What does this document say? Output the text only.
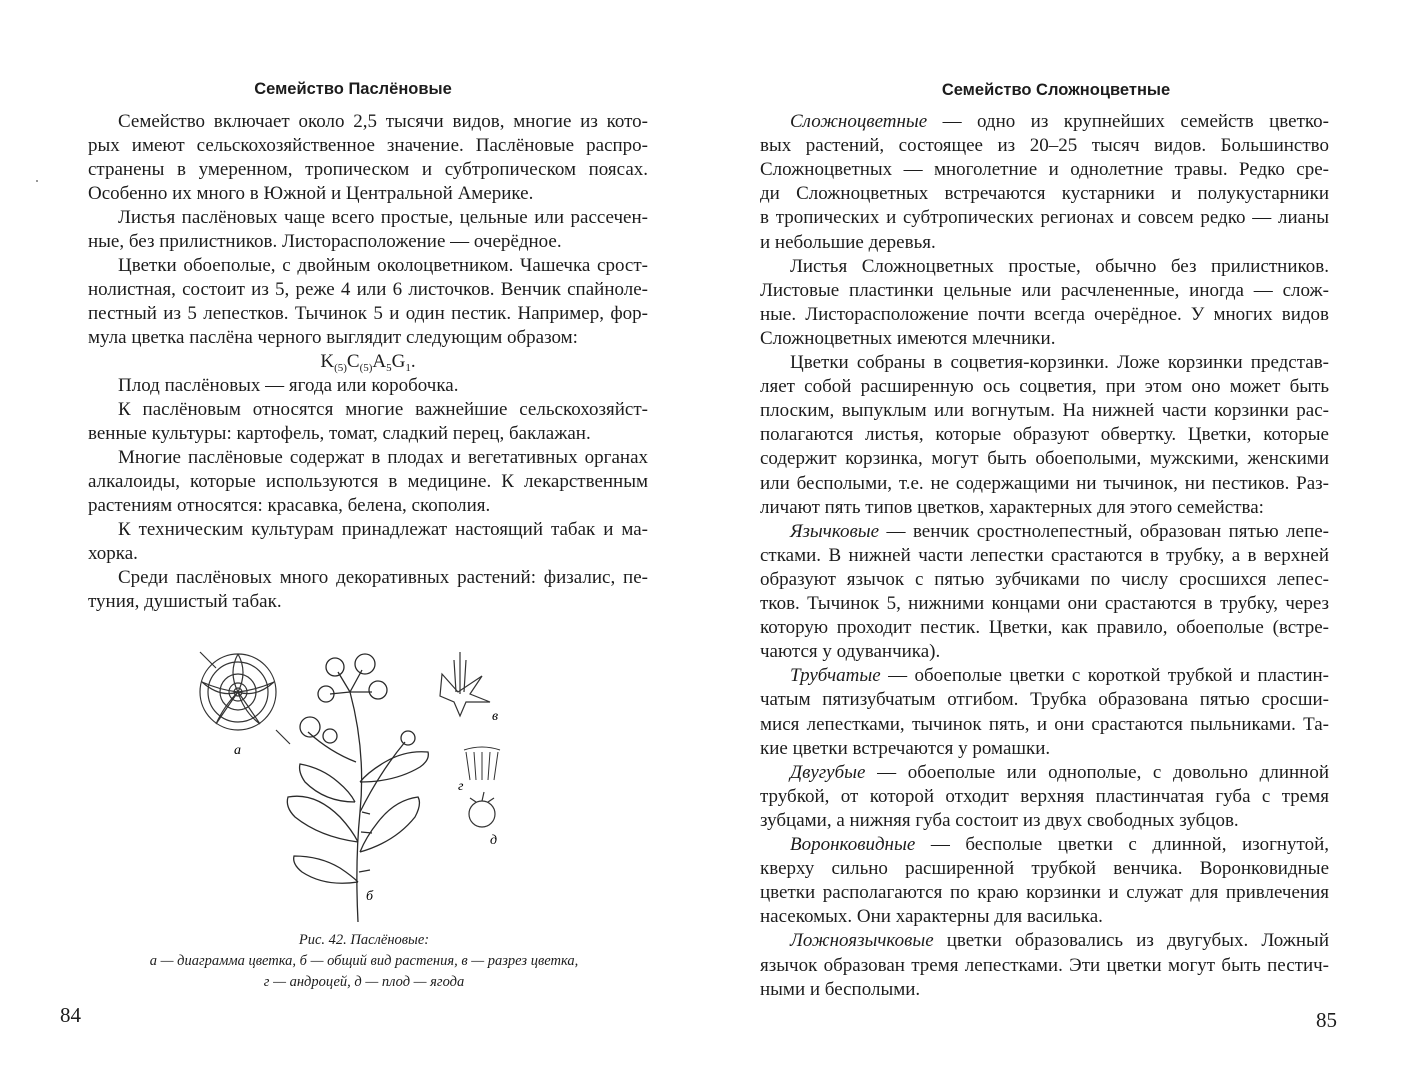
Семейство Паслёновые
Семейство включает около 2,5 тысячи видов, многие из кото-
рых имеют сельскохозяйственное значение. Паслёновые распро-
странены в умеренном, тропическом и субтропическом поясах.
Особенно их много в Южной и Центральной Америке.
Листья паслёновых чаще всего простые, цельные или рассечен-
ные, без прилистников. Листорасположение — очерёдное.
Цветки обоеполые, с двойным околоцветником. Чашечка срост-
нолистная, состоит из 5, реже 4 или 6 листочков. Венчик спайноле-
пестный из 5 лепестков. Тычинок 5 и один пестик. Например, фор-
мула цветка паслёна черного выглядит следующим образом:
$K_{(5)}C_{(5)}A_5G_1$.
Плод паслёновых — ягода или коробочка.
К паслёновым относятся многие важнейшие сельскохозяйст-
венные культуры: картофель, томат, сладкий перец, баклажан.
Многие паслёновые содержат в плодах и вегетативных органах
алкалоиды, которые используются в медицине. К лекарственным
растениям относятся: красавка, белена, скополия.
К техническим культурам принадлежат настоящий табак и ма-
хорка.
Среди паслёновых много декоративных растений: физалис, пе-
туния, душистый табак.
а
б
в
г
д
Рис. 42. Паслёновые:
а — диаграмма цветка, б — общий вид растения, в — разрез цветка,
г — андроцей, д — плод — ягода
84
Семейство Сложноцветные
Сложноцветные — одно из крупнейших семейств цветко-
вых растений, состоящее из 20–25 тысяч видов. Большинство
Сложноцветных — многолетние и однолетние травы. Редко сре-
ди Сложноцветных встречаются кустарники и полукустарники
в тропических и субтропических регионах и совсем редко — лианы
и небольшие деревья.
Листья Сложноцветных простые, обычно без прилистников.
Листовые пластинки цельные или расчлененные, иногда — слож-
ные. Листорасположение почти всегда очерёдное. У многих видов
Сложноцветных имеются млечники.
Цветки собраны в соцветия-корзинки. Ложе корзинки представ-
ляет собой расширенную ось соцветия, при этом оно может быть
плоским, выпуклым или вогнутым. На нижней части корзинки рас-
полагаются листья, которые образуют обвертку. Цветки, которые
содержит корзинка, могут быть обоеполыми, мужскими, женскими
или бесполыми, т.е. не содержащими ни тычинок, ни пестиков. Раз-
личают пять типов цветков, характерных для этого семейства:
Язычковые — венчик сростнолепестный, образован пятью лепе-
стками. В нижней части лепестки срастаются в трубку, а в верхней
образуют язычок с пятью зубчиками по числу сросшихся лепес-
тков. Тычинок 5, нижними концами они срастаются в трубку, через
которую проходит пестик. Цветки, как правило, обоеполые (встре-
чаются у одуванчика).
Трубчатые — обоеполые цветки с короткой трубкой и пластин-
чатым пятизубчатым отгибом. Трубка образована пятью сросши-
мися лепестками, тычинок пять, и они срастаются пыльниками. Та-
кие цветки встречаются у ромашки.
Двугубые — обоеполые или однополые, с довольно длинной
трубкой, от которой отходит верхняя пластинчатая губа с тремя
зубцами, а нижняя губа состоит из двух свободных зубцов.
Воронковидные — бесполые цветки с длинной, изогнутой,
кверху сильно расширенной трубкой венчика. Воронковидные
цветки располагаются по краю корзинки и служат для привлечения
насекомых. Они характерны для василька.
Ложноязычковые цветки образовались из двугубых. Ложный
язычок образован тремя лепестками. Эти цветки могут быть пестич-
ными и бесполыми.
85
